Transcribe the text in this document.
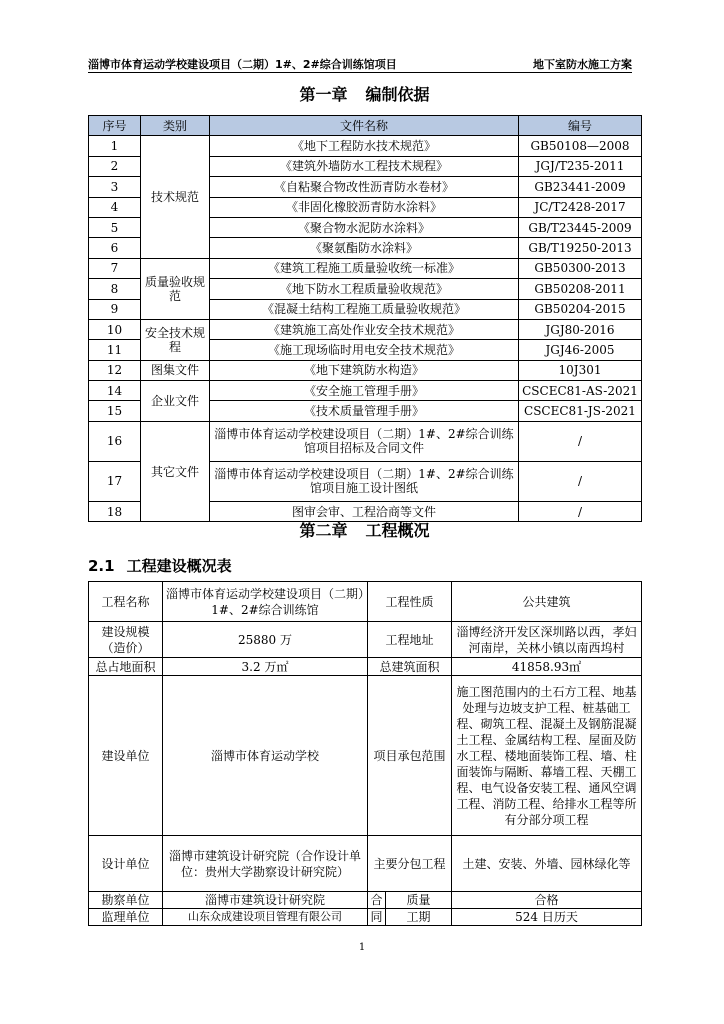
淄博市体育运动学校建设项目（二期）1#、2#综合训练馆项目	地下室防水施工方案
第一章 编制依据
序号	类别	文件名称	编号
1	技术规范	《地下工程防水技术规范》	GB50108—2008
2		《建筑外墙防水工程技术规程》	JGJ/T235-2011
3		《自粘聚合物改性沥青防水卷材》	GB23441-2009
4		《非固化橡胶沥青防水涂料》	JC/T2428-2017
5		《聚合物水泥防水涂料》	GB/T23445-2009
6		《聚氨酯防水涂料》	GB/T19250-2013
7	质量验收规范	《建筑工程施工质量验收统一标准》	GB50300-2013
8		《地下防水工程质量验收规范》	GB50208-2011
9		《混凝土结构工程施工质量验收规范》	GB50204-2015
10	安全技术规程	《建筑施工高处作业安全技术规范》	JGJ80-2016
11		《施工现场临时用电安全技术规范》	JGJ46-2005
12	图集文件	《地下建筑防水构造》	10J301
14	企业文件	《安全施工管理手册》	CSCEC81-AS-2021
15		《技术质量管理手册》	CSCEC81-JS-2021
16	其它文件	淄博市体育运动学校建设项目（二期）1#、2#综合训练馆项目招标及合同文件	/
17		淄博市体育运动学校建设项目（二期）1#、2#综合训练馆项目施工设计图纸	/
18		图审会审、工程洽商等文件	/
第二章 工程概况
2.1 工程建设概况表
工程名称	淄博市体育运动学校建设项目（二期）1#、2#综合训练馆	工程性质		公共建筑
建设规模（造价）	25880 万	工程地址		淄博经济开发区深圳路以西，孝妇河南岸，关林小镇以南西坞村
总占地面积	3.2 万㎡	总建筑面积		41858.93㎡
建设单位	淄博市体育运动学校	项目承包范围		施工图范围内的土石方工程、地基处理与边坡支护工程、桩基础工程、砌筑工程、混凝土及钢筋混凝土工程、金属结构工程、屋面及防水工程、楼地面装饰工程、墙、柱面装饰与隔断、幕墙工程、天棚工程、电气设备安装工程、通风空调工程、消防工程、给排水工程等所有分部分项工程
设计单位	淄博市建筑设计研究院（合作设计单位：贵州大学勘察设计研究院）	主要分包工程		土建、安装、外墙、园林绿化等
勘察单位	淄博市建筑设计研究院	合	质量	合格
监理单位	山东众成建设项目管理有限公司	同	工期	524 日历天
1
